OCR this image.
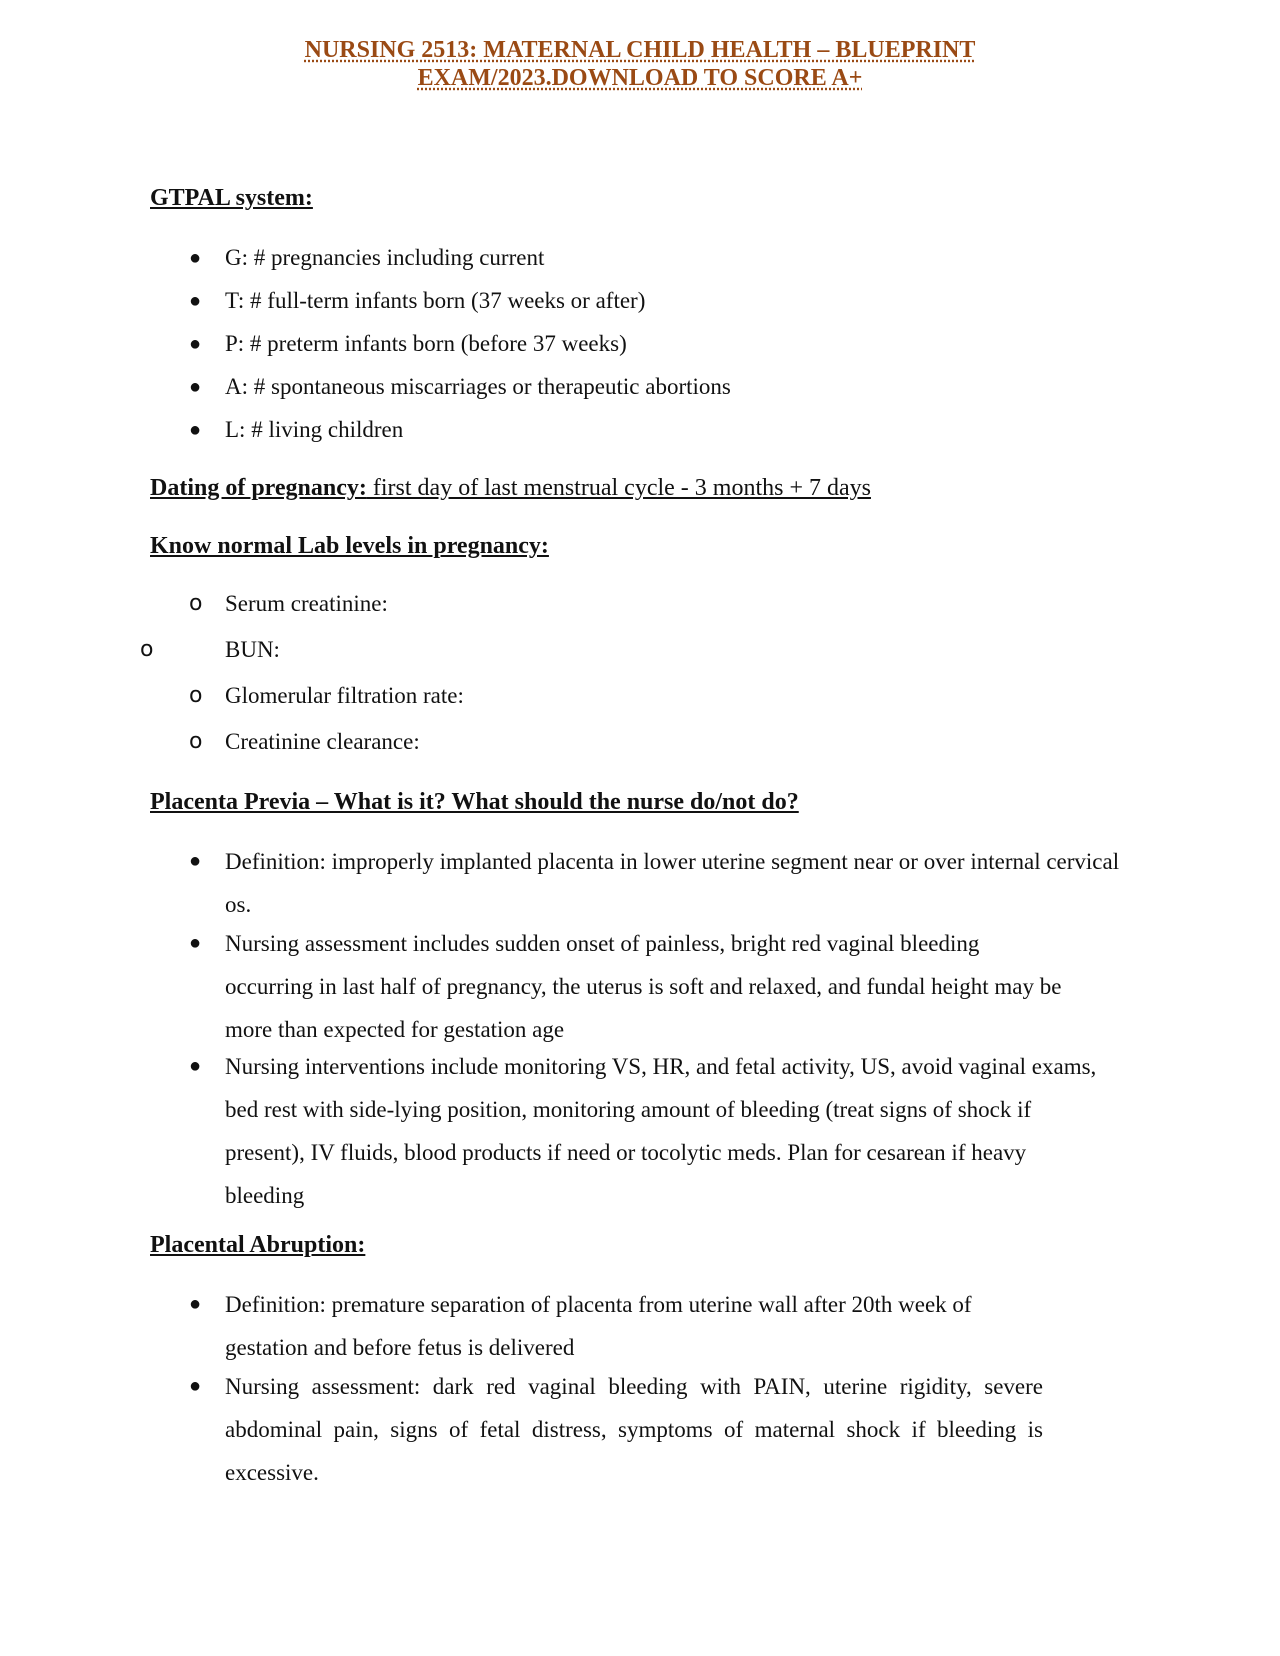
NURSING 2513: MATERNAL CHILD HEALTH – BLUEPRINT
EXAM/2023.DOWNLOAD TO SCORE A+
GTPAL system:
● G: # pregnancies including current
● T: # full-term infants born (37 weeks or after)
● P: # preterm infants born (before 37 weeks)
● A: # spontaneous miscarriages or therapeutic abortions
● L: # living children
Dating of pregnancy: first day of last menstrual cycle - 3 months + 7 days
Know normal Lab levels in pregnancy:
o Serum creatinine:
o	BUN:
o Glomerular filtration rate:
o Creatinine clearance:
Placenta Previa – What is it? What should the nurse do/not do?
● Definition: improperly implanted placenta in lower uterine segment near or over internal cervical os.
● Nursing assessment includes sudden onset of painless, bright red vaginal bleeding occurring in last half of pregnancy, the uterus is soft and relaxed, and fundal height may be more than expected for gestation age
● Nursing interventions include monitoring VS, HR, and fetal activity, US, avoid vaginal exams, bed rest with side-lying position, monitoring amount of bleeding (treat signs of shock if present), IV fluids, blood products if need or tocolytic meds. Plan for cesarean if heavy bleeding
Placental Abruption:
● Definition: premature separation of placenta from uterine wall after 20th week of gestation and before fetus is delivered
● Nursing assessment: dark red vaginal bleeding with PAIN, uterine rigidity, severe abdominal pain, signs of fetal distress, symptoms of maternal shock if bleeding is excessive.
